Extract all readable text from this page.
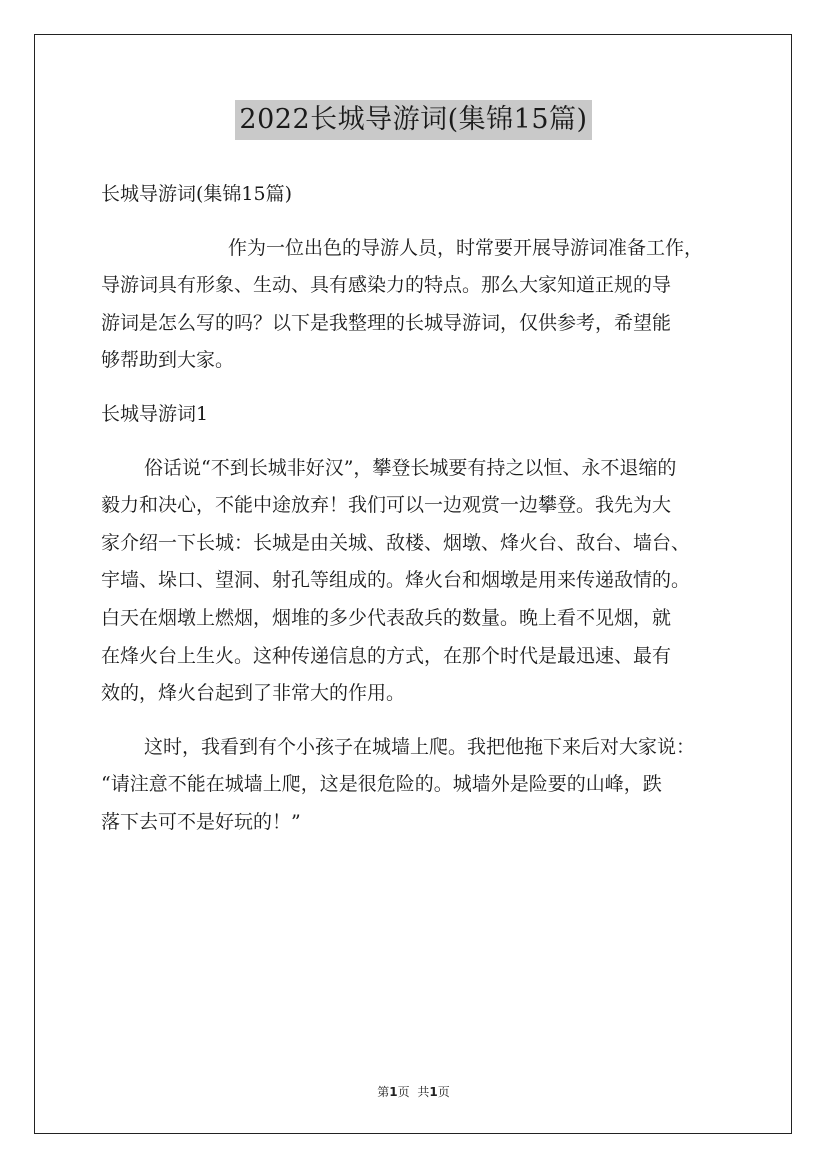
2022长城导游词(集锦15篇)
长城导游词(集锦15篇)
作为一位出色的导游人员，时常要开展导游词准备工作，
导游词具有形象、生动、具有感染力的特点。那么大家知道正规的导
游词是怎么写的吗？以下是我整理的长城导游词，仅供参考，希望能
够帮助到大家。
长城导游词1
俗话说“不到长城非好汉”，攀登长城要有持之以恒、永不退缩的
毅力和决心，不能中途放弃！我们可以一边观赏一边攀登。我先为大
家介绍一下长城：长城是由关城、敌楼、烟墩、烽火台、敌台、墙台、
宇墙、垛口、望洞、射孔等组成的。烽火台和烟墩是用来传递敌情的。
白天在烟墩上燃烟，烟堆的多少代表敌兵的数量。晚上看不见烟，就
在烽火台上生火。这种传递信息的方式，在那个时代是最迅速、最有
效的，烽火台起到了非常大的作用。
这时，我看到有个小孩子在城墙上爬。我把他拖下来后对大家说：
“请注意不能在城墙上爬，这是很危险的。城墙外是险要的山峰，跌
落下去可不是好玩的！”
第1页 共1页
